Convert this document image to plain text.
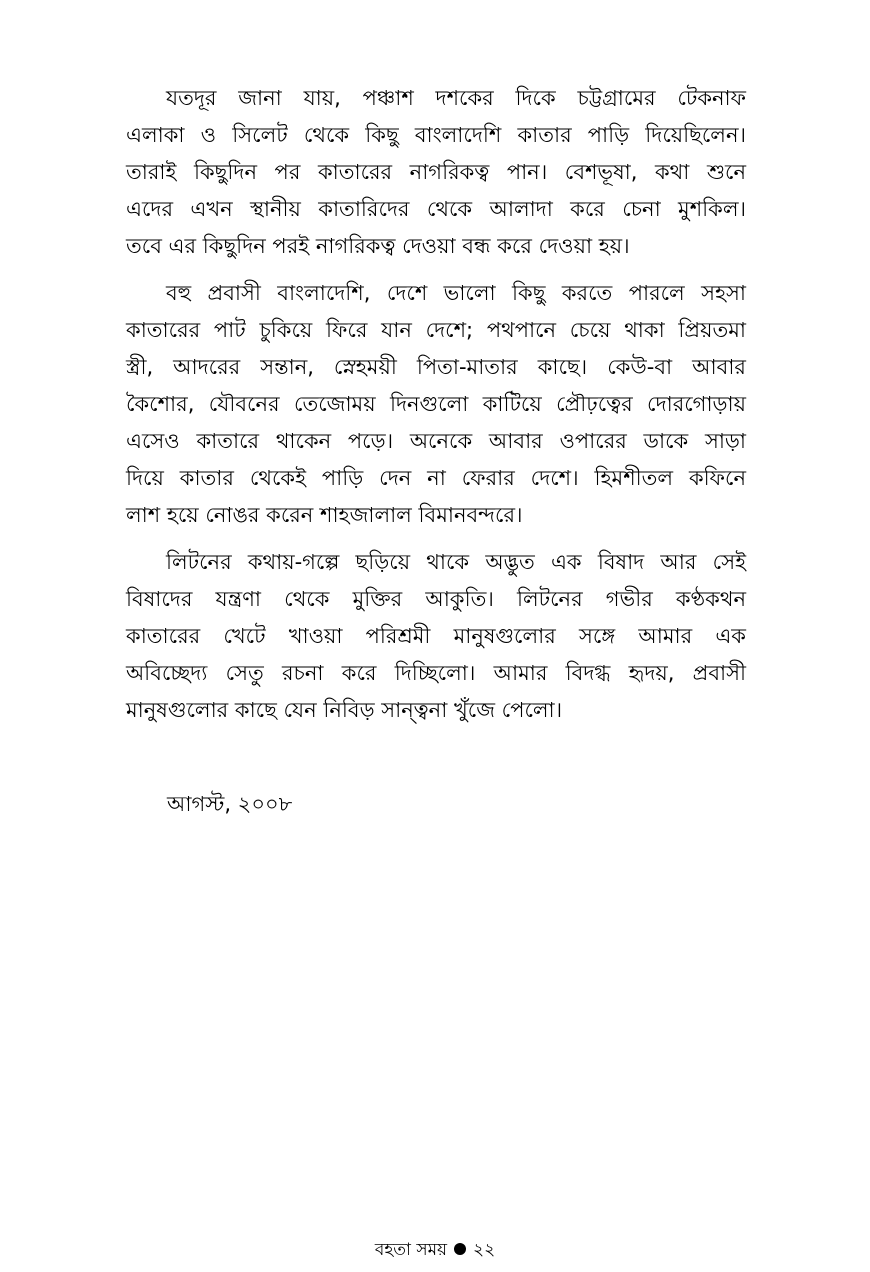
যতদূর জানা যায়, পঞ্চাশ দশকের দিকে চট্টগ্রামের টেকনাফ
এলাকা ও সিলেট থেকে কিছু বাংলাদেশি কাতার পাড়ি দিয়েছিলেন।
তারাই কিছুদিন পর কাতারের নাগরিকত্ব পান। বেশভূষা, কথা শুনে
এদের এখন স্থানীয় কাতারিদের থেকে আলাদা করে চেনা মুশকিল।
তবে এর কিছুদিন পরই নাগরিকত্ব দেওয়া বন্ধ করে দেওয়া হয়।
বহু প্রবাসী বাংলাদেশি, দেশে ভালো কিছু করতে পারলে সহসা
কাতারের পাট চুকিয়ে ফিরে যান দেশে; পথপানে চেয়ে থাকা প্রিয়তমা
স্ত্রী, আদরের সন্তান, স্নেহময়ী পিতা-মাতার কাছে। কেউ-বা আবার
কৈশোর, যৌবনের তেজোময় দিনগুলো কাটিয়ে প্রৌঢ়ত্বের দোরগোড়ায়
এসেও কাতারে থাকেন পড়ে। অনেকে আবার ওপারের ডাকে সাড়া
দিয়ে কাতার থেকেই পাড়ি দেন না ফেরার দেশে। হিমশীতল কফিনে
লাশ হয়ে নোঙর করেন শাহজালাল বিমানবন্দরে।
লিটনের কথায়-গল্পে ছড়িয়ে থাকে অদ্ভুত এক বিষাদ আর সেই
বিষাদের যন্ত্রণা থেকে মুক্তির আকুতি। লিটনের গভীর কণ্ঠকথন
কাতারের খেটে খাওয়া পরিশ্রমী মানুষগুলোর সঙ্গে আমার এক
অবিচ্ছেদ্য সেতু রচনা করে দিচ্ছিলো। আমার বিদগ্ধ হৃদয়, প্রবাসী
মানুষগুলোর কাছে যেন নিবিড় সান্ত্বনা খুঁজে পেলো।
আগস্ট, ২০০৮
বহতা সময় ২২
